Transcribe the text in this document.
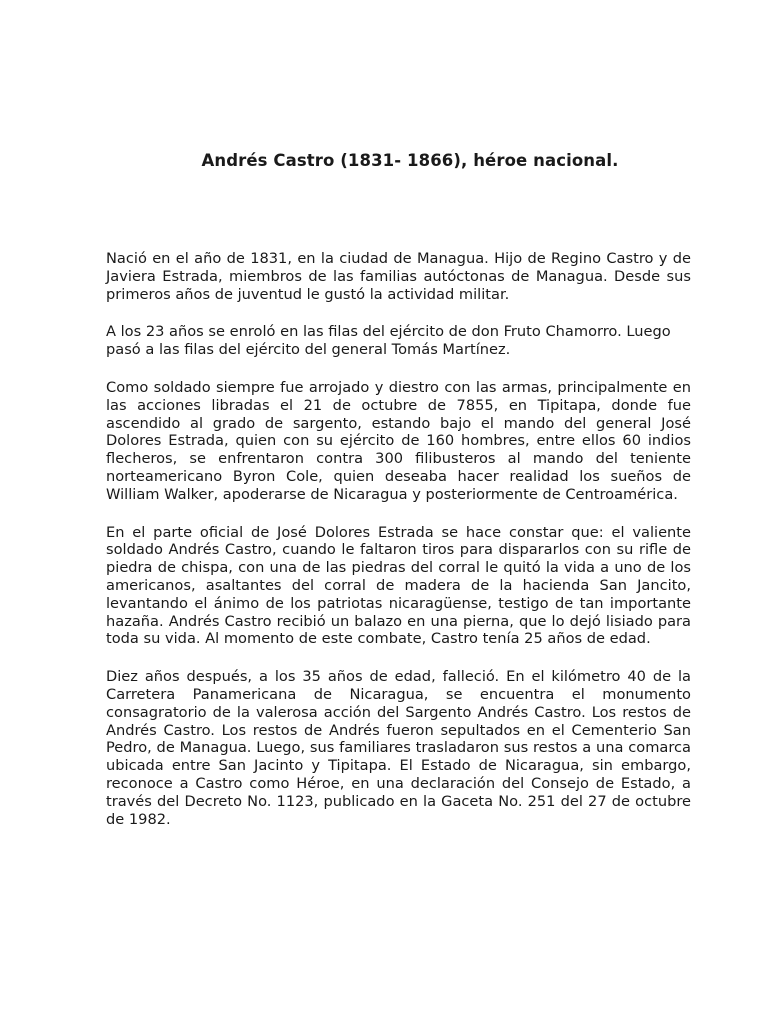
Andrés Castro (1831- 1866), héroe nacional.

Nació en el año de 1831, en la ciudad de Managua. Hijo de Regino Castro y de Javiera Estrada, miembros de las familias autóctonas de Managua. Desde sus primeros años de juventud le gustó la actividad militar.

A los 23 años se enroló en las filas del ejército de don Fruto Chamorro. Luego pasó a las filas del ejército del general Tomás Martínez.

Como soldado siempre fue arrojado y diestro con las armas, principalmente en las acciones libradas el 21 de octubre de 7855, en Tipitapa, donde fue ascendido al grado de sargento, estando bajo el mando del general José Dolores Estrada, quien con su ejército de 160 hombres, entre ellos 60 indios flecheros, se enfrentaron contra 300 filibusteros al mando del teniente norteamericano Byron Cole, quien deseaba hacer realidad los sueños de William Walker, apoderarse de Nicaragua y posteriormente de Centroamérica.

En el parte oficial de José Dolores Estrada se hace constar que: el valiente soldado Andrés Castro, cuando le faltaron tiros para dispararlos con su rifle de piedra de chispa, con una de las piedras del corral le quitó la vida a uno de los americanos, asaltantes del corral de madera de la hacienda San Jancito, levantando el ánimo de los patriotas nicaragüense, testigo de tan importante hazaña. Andrés Castro recibió un balazo en una pierna, que lo dejó lisiado para toda su vida. Al momento de este combate, Castro tenía 25 años de edad.

Diez años después, a los 35 años de edad, falleció. En el kilómetro 40 de la Carretera Panamericana de Nicaragua, se encuentra el monumento consagratorio de la valerosa acción del Sargento Andrés Castro. Los restos de Andrés Castro. Los restos de Andrés fueron sepultados en el Cementerio San Pedro, de Managua. Luego, sus familiares trasladaron sus restos a una comarca ubicada entre San Jacinto y Tipitapa. El Estado de Nicaragua, sin embargo, reconoce a Castro como Héroe, en una declaración del Consejo de Estado, a través del Decreto No. 1123, publicado en la Gaceta No. 251 del 27 de octubre de 1982.
